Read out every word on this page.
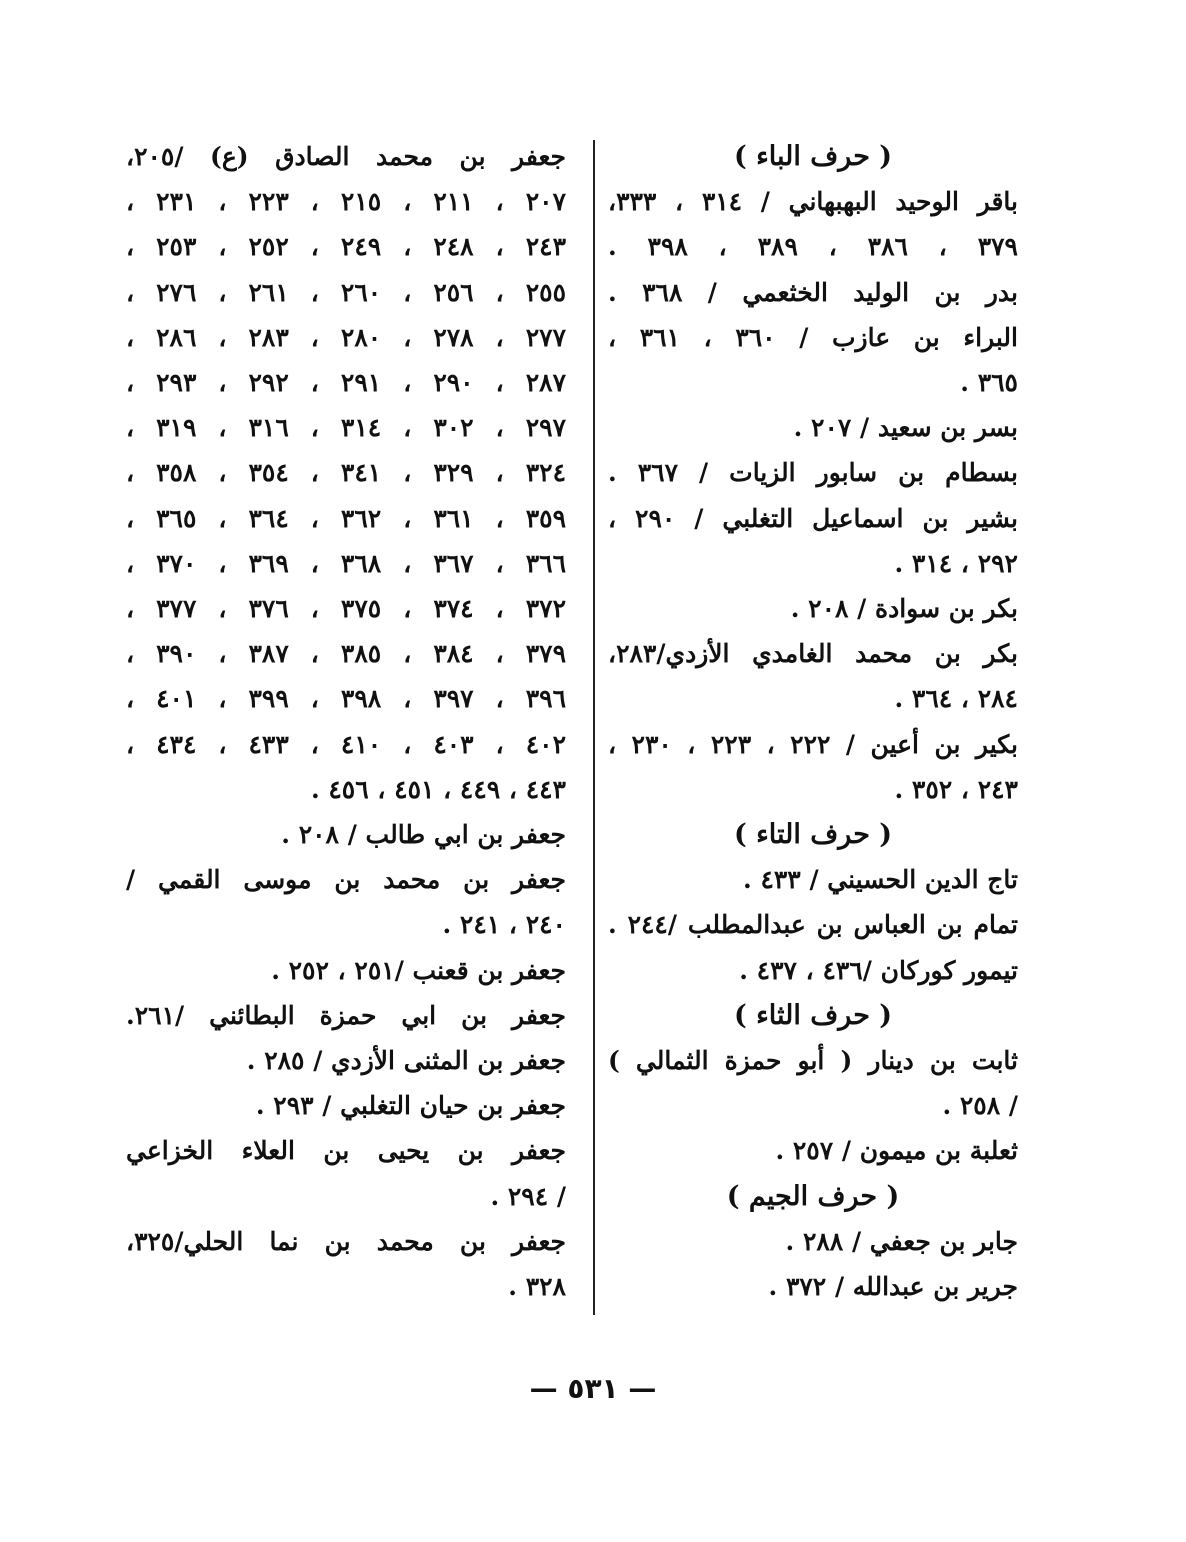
( حرف الباء )
باقر الوحيد البهبهاني / ٣١٤ ، ٣٣٣،
٣٧٩ ، ٣٨٦ ، ٣٨٩ ، ٣٩٨ .
بدر بن الوليد الخثعمي / ٣٦٨ .
البراء بن عازب / ٣٦٠ ، ٣٦١ ،
٣٦٥ .
بسر بن سعيد / ٢٠٧ .
بسطام بن سابور الزيات / ٣٦٧ .
بشير بن اسماعيل التغلبي / ٢٩٠ ،
٢٩٢ ، ٣١٤ .
بكر بن سوادة / ٢٠٨ .
بكر بن محمد الغامدي الأزدي/٢٨٣،
٢٨٤ ، ٣٦٤ .
بكير بن أعين / ٢٢٢ ، ٢٢٣ ، ٢٣٠ ،
٢٤٣ ، ٣٥٢ .
( حرف التاء )
تاج الدين الحسيني / ٤٣٣ .
تمام بن العباس بن عبدالمطلب /٢٤٤ .
تيمور كوركان /٤٣٦ ، ٤٣٧ .
( حرف الثاء )
ثابت بن دينار ( أبو حمزة الثمالي )
/ ٢٥٨ .
ثعلبة بن ميمون / ٢٥٧ .
( حرف الجيم )
جابر بن جعفي / ٢٨٨ .
جرير بن عبدالله / ٣٧٢ .
جعفر بن محمد الصادق (ع) /٢٠٥،
٢٠٧ ، ٢١١ ، ٢١٥ ، ٢٢٣ ، ٢٣١ ،
٢٤٣ ، ٢٤٨ ، ٢٤٩ ، ٢٥٢ ، ٢٥٣ ،
٢٥٥ ، ٢٥٦ ، ٢٦٠ ، ٢٦١ ، ٢٧٦ ،
٢٧٧ ، ٢٧٨ ، ٢٨٠ ، ٢٨٣ ، ٢٨٦ ،
٢٨٧ ، ٢٩٠ ، ٢٩١ ، ٢٩٢ ، ٢٩٣ ،
٢٩٧ ، ٣٠٢ ، ٣١٤ ، ٣١٦ ، ٣١٩ ،
٣٢٤ ، ٣٢٩ ، ٣٤١ ، ٣٥٤ ، ٣٥٨ ،
٣٥٩ ، ٣٦١ ، ٣٦٢ ، ٣٦٤ ، ٣٦٥ ،
٣٦٦ ، ٣٦٧ ، ٣٦٨ ، ٣٦٩ ، ٣٧٠ ،
٣٧٢ ، ٣٧٤ ، ٣٧٥ ، ٣٧٦ ، ٣٧٧ ،
٣٧٩ ، ٣٨٤ ، ٣٨٥ ، ٣٨٧ ، ٣٩٠ ،
٣٩٦ ، ٣٩٧ ، ٣٩٨ ، ٣٩٩ ، ٤٠١ ،
٤٠٢ ، ٤٠٣ ، ٤١٠ ، ٤٣٣ ، ٤٣٤ ،
٤٤٣ ، ٤٤٩ ، ٤٥١ ، ٤٥٦ .
جعفر بن ابي طالب / ٢٠٨ .
جعفر بن محمد بن موسى القمي /
٢٤٠ ، ٢٤١ .
جعفر بن قعنب /٢٥١ ، ٢٥٢ .
جعفر بن ابي حمزة البطائني /٢٦١.
جعفر بن المثنى الأزدي / ٢٨٥ .
جعفر بن حيان التغلبي / ٢٩٣ .
جعفر بن يحيى بن العلاء الخزاعي
/ ٢٩٤ .
جعفر بن محمد بن نما الحلي/٣٢٥،
٣٢٨ .
— ٥٣١ —
